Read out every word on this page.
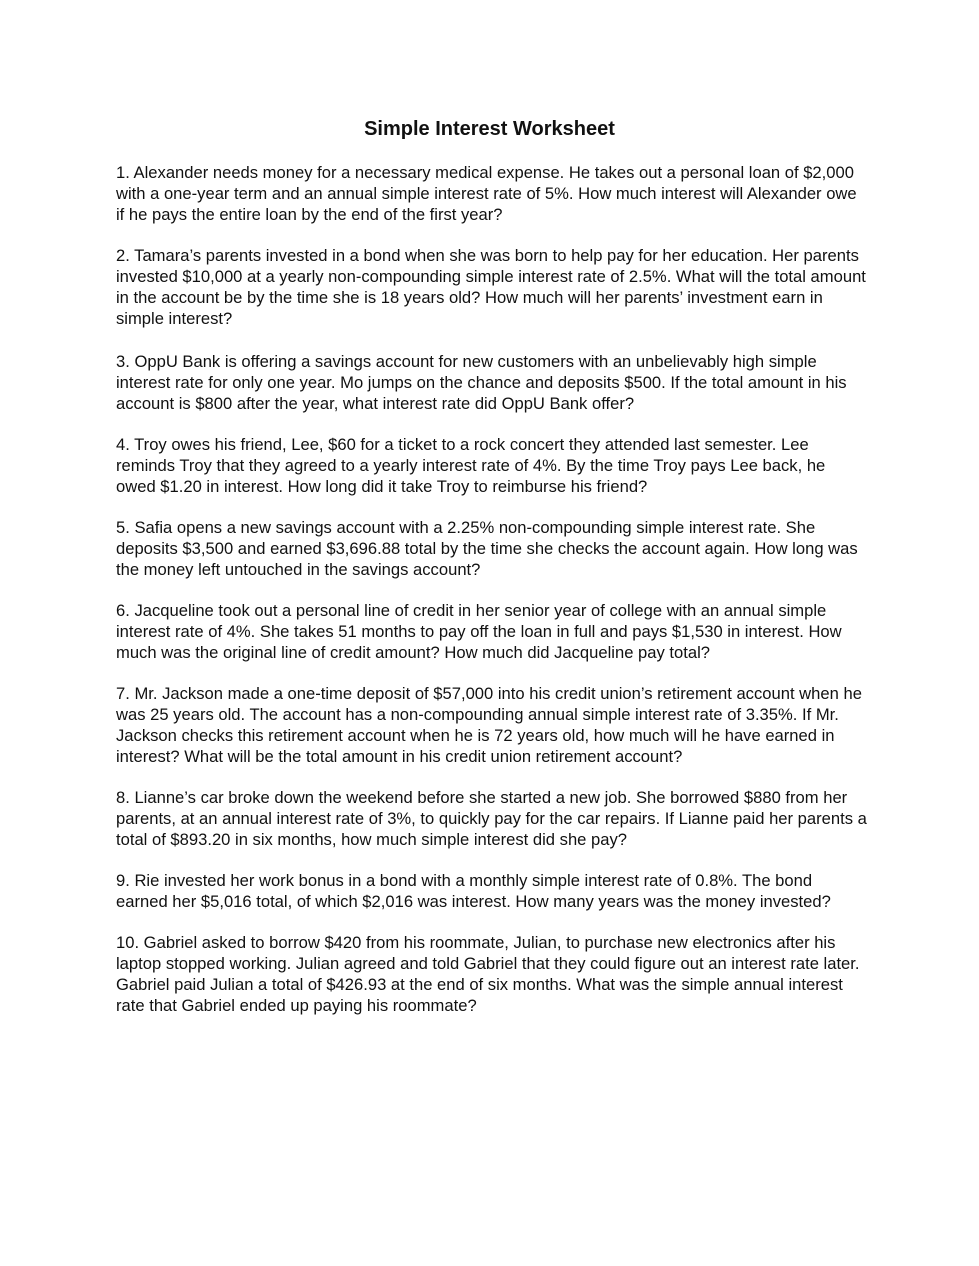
Simple Interest Worksheet
1. Alexander needs money for a necessary medical expense. He takes out a personal loan of $2,000 with a one-year term and an annual simple interest rate of 5%. How much interest will Alexander owe if he pays the entire loan by the end of the first year?
2. Tamara’s parents invested in a bond when she was born to help pay for her education. Her parents invested $10,000 at a yearly non-compounding simple interest rate of 2.5%. What will the total amount in the account be by the time she is 18 years old? How much will her parents’ investment earn in simple interest?
3. OppU Bank is offering a savings account for new customers with an unbelievably high simple interest rate for only one year. Mo jumps on the chance and deposits $500. If the total amount in his account is $800 after the year, what interest rate did OppU Bank offer?
4. Troy owes his friend, Lee, $60 for a ticket to a rock concert they attended last semester. Lee reminds Troy that they agreed to a yearly interest rate of 4%. By the time Troy pays Lee back, he owed $1.20 in interest. How long did it take Troy to reimburse his friend?
5. Safia opens a new savings account with a 2.25% non-compounding simple interest rate. She deposits $3,500 and earned $3,696.88 total by the time she checks the account again. How long was the money left untouched in the savings account?
6. Jacqueline took out a personal line of credit in her senior year of college with an annual simple interest rate of 4%. She takes 51 months to pay off the loan in full and pays $1,530 in interest. How much was the original line of credit amount? How much did Jacqueline pay total?
7. Mr. Jackson made a one-time deposit of $57,000 into his credit union’s retirement account when he was 25 years old. The account has a non-compounding annual simple interest rate of 3.35%. If Mr. Jackson checks this retirement account when he is 72 years old, how much will he have earned in interest? What will be the total amount in his credit union retirement account?
8. Lianne’s car broke down the weekend before she started a new job. She borrowed $880 from her parents, at an annual interest rate of 3%, to quickly pay for the car repairs. If Lianne paid her parents a total of $893.20 in six months, how much simple interest did she pay?
9. Rie invested her work bonus in a bond with a monthly simple interest rate of 0.8%. The bond earned her $5,016 total, of which $2,016 was interest. How many years was the money invested?
10. Gabriel asked to borrow $420 from his roommate, Julian, to purchase new electronics after his laptop stopped working. Julian agreed and told Gabriel that they could figure out an interest rate later. Gabriel paid Julian a total of $426.93 at the end of six months. What was the simple annual interest rate that Gabriel ended up paying his roommate?
